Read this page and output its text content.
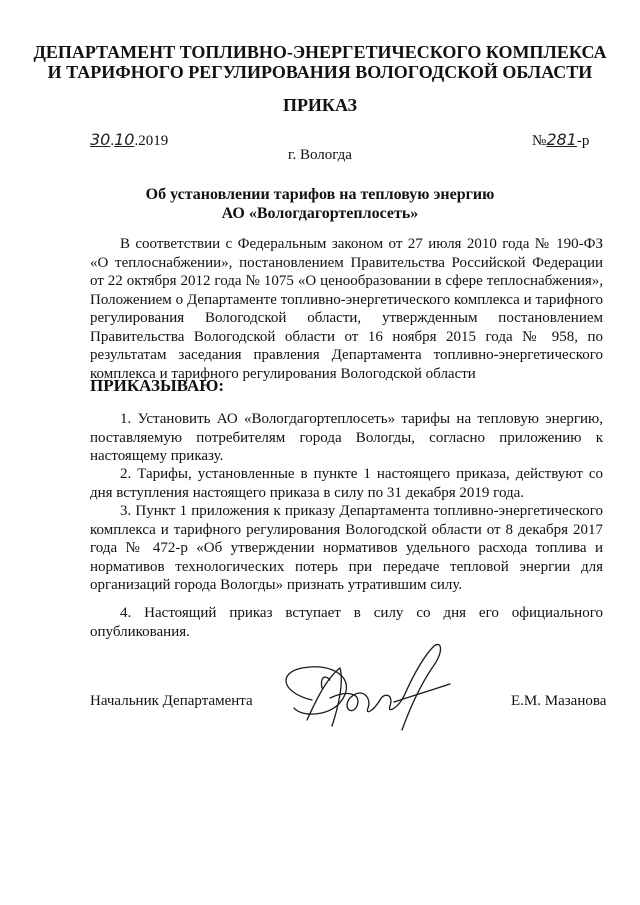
ДЕПАРТАМЕНТ ТОПЛИВНО-ЭНЕРГЕТИЧЕСКОГО КОМПЛЕКСА
И ТАРИФНОГО РЕГУЛИРОВАНИЯ ВОЛОГОДСКОЙ ОБЛАСТИ
ПРИКАЗ
30.10.2019	№281-р
г. Вологда
Об установлении тарифов на тепловую энергию
АО «Вологдагортеплосеть»

В соответствии с Федеральным законом от 27 июля 2010 года № 190-ФЗ «О теплоснабжении», постановлением Правительства Российской Федерации от 22 октября 2012 года № 1075 «О ценообразовании в сфере теплоснабжения», Положением о Департаменте топливно-энергетического комплекса и тарифного регулирования Вологодской области, утвержденным постановлением Правительства Вологодской области от 16 ноября 2015 года № 958, по результатам заседания правления Департамента топливно-энергетического комплекса и тарифного регулирования Вологодской области

ПРИКАЗЫВАЮ:

1. Установить АО «Вологдагортеплосеть» тарифы на тепловую энергию, поставляемую потребителям города Вологды, согласно приложению к настоящему приказу.

2. Тарифы, установленные в пункте 1 настоящего приказа, действуют со дня вступления настоящего приказа в силу по 31 декабря 2019 года.

3. Пункт 1 приложения к приказу Департамента топливно-энергетического комплекса и тарифного регулирования Вологодской области от 8 декабря 2017 года № 472-р «Об утверждении нормативов удельного расхода топлива и нормативов технологических потерь при передаче тепловой энергии для организаций города Вологды» признать утратившим силу.

4. Настоящий приказ вступает в силу со дня его официального опубликования.

Начальник Департамента	Е.М. Мазанова
